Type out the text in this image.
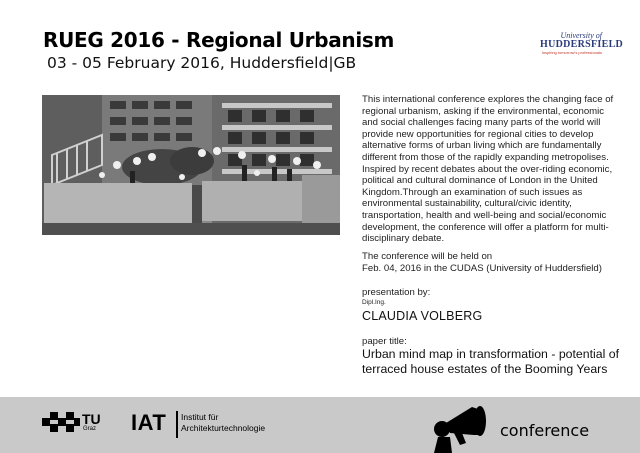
RUEG 2016 - Regional Urbanism
03 - 05 February 2016, Huddersfield|GB
University of
HUDDERSFIELD
Inspiring tomorrow's professionals

This international conference explores the changing face of regional urbanism, asking if the environmental, economic and social challenges facing many parts of the world will provide new opportunities for regional cities to develop alternative forms of urban living which are fundamentally different from those of the rapidly expanding metropolises. Inspired by recent debates about the over-riding economic, political and cultural dominance of London in the United Kingdom.Through an examination of such issues as environmental sustainability, cultural/civic identity, transportation, health and well-being and social/economic development, the conference will offer a platform for multi-disciplinary debate.

The conference will be held on
Feb. 04, 2016 in the CUDAS (University of Huddersfield)
presentation by:
Dipl.Ing.
CLAUDIA VOLBERG
paper title:
Urban mind map in transformation - potential of
terraced house estates of the Booming Years
TU
Graz IAT Institut für
Architekturtechnologie	conference
